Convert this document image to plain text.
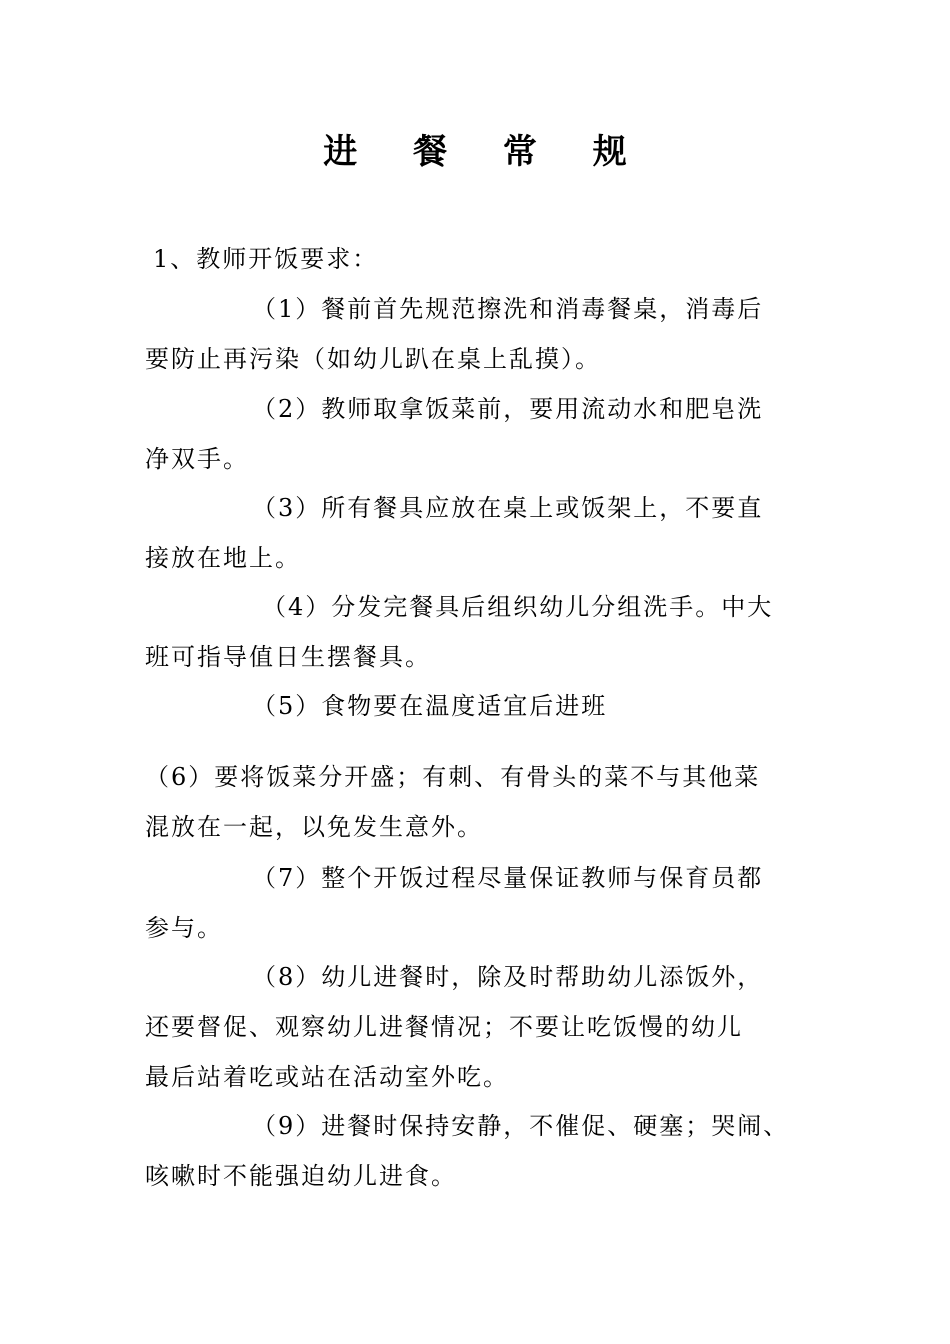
进 餐 常 规
1、教师开饭要求：
（1）餐前首先规范擦洗和消毒餐桌，消毒后
要防止再污染（如幼儿趴在桌上乱摸）。
（2）教师取拿饭菜前，要用流动水和肥皂洗
净双手。
（3）所有餐具应放在桌上或饭架上，不要直
接放在地上。
（4）分发完餐具后组织幼儿分组洗手。中大
班可指导值日生摆餐具。
（5）食物要在温度适宜后进班
（6）要将饭菜分开盛；有刺、有骨头的菜不与其他菜
混放在一起，以免发生意外。
（7）整个开饭过程尽量保证教师与保育员都
参与。
（8）幼儿进餐时，除及时帮助幼儿添饭外，
还要督促、观察幼儿进餐情况；不要让吃饭慢的幼儿
最后站着吃或站在活动室外吃。
（9）进餐时保持安静，不催促、硬塞；哭闹、
咳嗽时不能强迫幼儿进食。
